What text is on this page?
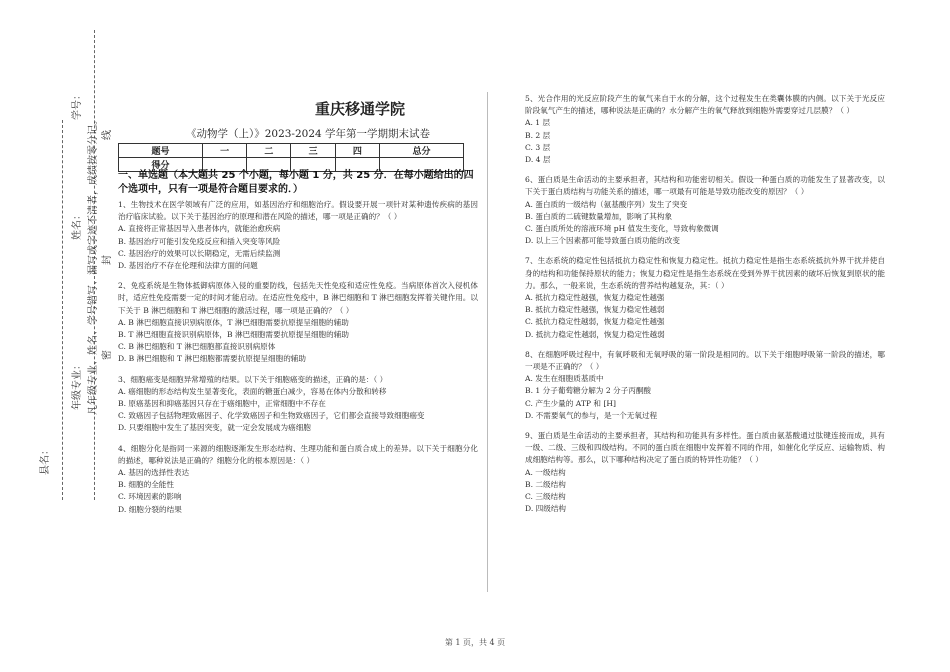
学号：
姓名：
年级专业：
县名：
凡年级专业、姓名、学号错写、漏写或字迹不清者，成绩按零分记。 线
封
密
重庆移通学院
《动物学（上）》2023-2024 学年第一学期期末试卷
题号	一	二	三	四	总分
得分					
一、单选题（本大题共 25 个小题，每小题 1 分，共 25 分．在每小题给出的四个选项中，只有一项是符合题目要求的．）
1、生物技术在医学领域有广泛的应用，如基因治疗和细胞治疗。假设要开展一项针对某种遗传疾病的基因治疗临床试验。以下关于基因治疗的原理和潜在风险的描述，哪一项是正确的？（ ）
A. 直接将正常基因导入患者体内，就能治愈疾病
B. 基因治疗可能引发免疫反应和插入突变等风险
C. 基因治疗的效果可以长期稳定，无需后续监测
D. 基因治疗不存在伦理和法律方面的问题
2、免疫系统是生物体抵御病原体入侵的重要防线，包括先天性免疫和适应性免疫。当病原体首次入侵机体时，适应性免疫需要一定的时间才能启动。在适应性免疫中，B 淋巴细胞和 T 淋巴细胞发挥着关键作用。以下关于 B 淋巴细胞和 T 淋巴细胞的激活过程，哪一项是正确的？（ ）
A. B 淋巴细胞直接识别病原体，T 淋巴细胞需要抗原提呈细胞的辅助
B. T 淋巴细胞直接识别病原体，B 淋巴细胞需要抗原提呈细胞的辅助
C. B 淋巴细胞和 T 淋巴细胞都直接识别病原体
D. B 淋巴细胞和 T 淋巴细胞都需要抗原提呈细胞的辅助
3、细胞癌变是细胞异常增殖的结果。以下关于细胞癌变的描述，正确的是：（ ）
A. 癌细胞的形态结构发生显著变化，表面的糖蛋白减少，容易在体内分散和转移
B. 原癌基因和抑癌基因只存在于癌细胞中，正常细胞中不存在
C. 致癌因子包括物理致癌因子、化学致癌因子和生物致癌因子，它们都会直接导致细胞癌变
D. 只要细胞中发生了基因突变，就一定会发展成为癌细胞
4、细胞分化是指同一来源的细胞逐渐发生形态结构、生理功能和蛋白质合成上的差异。以下关于细胞分化的描述，哪种说法是正确的？细胞分化的根本原因是：（ ）
A. 基因的选择性表达
B. 细胞的全能性
C. 环境因素的影响
D. 细胞分裂的结果
5、光合作用的光反应阶段产生的氧气来自于水的分解，这个过程发生在类囊体膜的内侧。以下关于光反应阶段氧气产生的描述，哪种说法是正确的？水分解产生的氧气释放到细胞外需要穿过几层膜？（ ）
A. 1 层
B. 2 层
C. 3 层
D. 4 层
6、蛋白质是生命活动的主要承担者，其结构和功能密切相关。假设一种蛋白质的功能发生了显著改变，以下关于蛋白质结构与功能关系的描述，哪一项最有可能是导致功能改变的原因？（ ）
A. 蛋白质的一级结构（氨基酸序列）发生了突变
B. 蛋白质的二硫键数量增加，影响了其构象
C. 蛋白质所处的溶液环境 pH 值发生变化，导致构象微调
D. 以上三个因素都可能导致蛋白质功能的改变
7、生态系统的稳定性包括抵抗力稳定性和恢复力稳定性。抵抗力稳定性是指生态系统抵抗外界干扰并使自身的结构和功能保持原状的能力；恢复力稳定性是指生态系统在受到外界干扰因素的破坏后恢复到原状的能力。那么，一般来说，生态系统的营养结构越复杂，其：（ ）
A. 抵抗力稳定性越强，恢复力稳定性越强
B. 抵抗力稳定性越强，恢复力稳定性越弱
C. 抵抗力稳定性越弱，恢复力稳定性越强
D. 抵抗力稳定性越弱，恢复力稳定性越弱
8、在细胞呼吸过程中，有氧呼吸和无氧呼吸的第一阶段是相同的。以下关于细胞呼吸第一阶段的描述，哪一项是不正确的？（ ）
A. 发生在细胞质基质中
B. 1 分子葡萄糖分解为 2 分子丙酮酸
C. 产生少量的 ATP 和 [H]
D. 不需要氧气的参与，是一个无氧过程
9、蛋白质是生命活动的主要承担者，其结构和功能具有多样性。蛋白质由氨基酸通过肽键连接而成，具有一级、二级、三级和四级结构。不同的蛋白质在细胞中发挥着不同的作用，如催化化学反应、运输物质、构成细胞结构等。那么，以下哪种结构决定了蛋白质的特异性功能？（ ）
A. 一级结构
B. 二级结构
C. 三级结构
D. 四级结构
第 1 页，共 4 页
